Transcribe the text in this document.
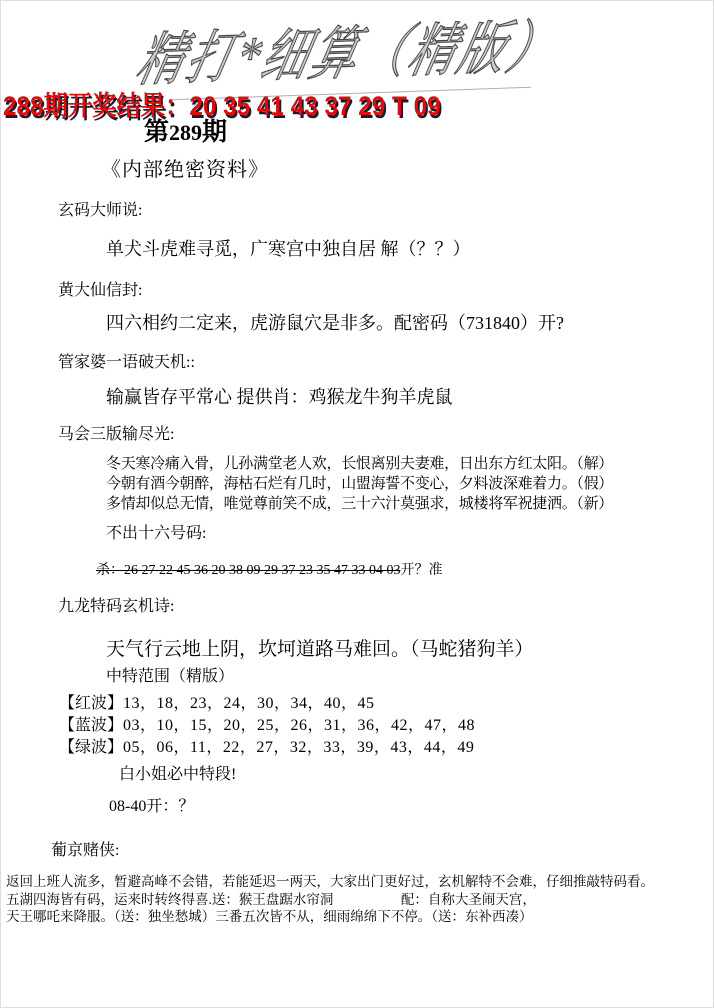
精打*细算（精版）
288期开奖结果：20 35 41 43 37 29 T 09
第289期
《内部绝密资料》
玄码大师说:
单犬斗虎难寻觅，广寒宫中独自居 解（？？）
黄大仙信封:
四六相约二定来，虎游鼠穴是非多。配密码（731840）开?
管家婆一语破天机::
输赢皆存平常心 提供肖：鸡猴龙牛狗羊虎鼠
马会三版输尽光:
冬天寒冷痛入骨，儿孙满堂老人欢，长恨离别夫妻难，日出东方红太阳。（解）
今朝有酒今朝醉，海枯石烂有几时，山盟海誓不变心，夕料波深难着力。（假）
多情却似总无情，唯觉尊前笑不成，三十六汁莫强求，城楼将军祝捷洒。（新）
不出十六号码:
杀：26 27 22 45 36 20 38 09 29 37 23 35 47 33 04 03开？准
九龙特码玄机诗:
天气行云地上阴，坎坷道路马难回。（马蛇猪狗羊）
中特范围（精版）
【红波】13，18，23，24，30，34，40，45
【蓝波】03，10，15，20，25，26，31，36，42，47，48
【绿波】05，06，11，22，27，32，33，39，43，44，49
白小姐必中特段!
08-40开：？
葡京赌侠:
返回上班人流多，暂避高峰不会错，若能延迟一两天，大家出门更好过，玄机解特不会难，仔细推敲特码看。
五湖四海皆有码，运来时转终得喜.送：猴王盘踞水帘洞　　　　　配：自称大圣闹天宫，
天王哪吒来降服。（送：独坐愁城）三番五次皆不从，细雨绵绵下不停。（送：东补西凑）
